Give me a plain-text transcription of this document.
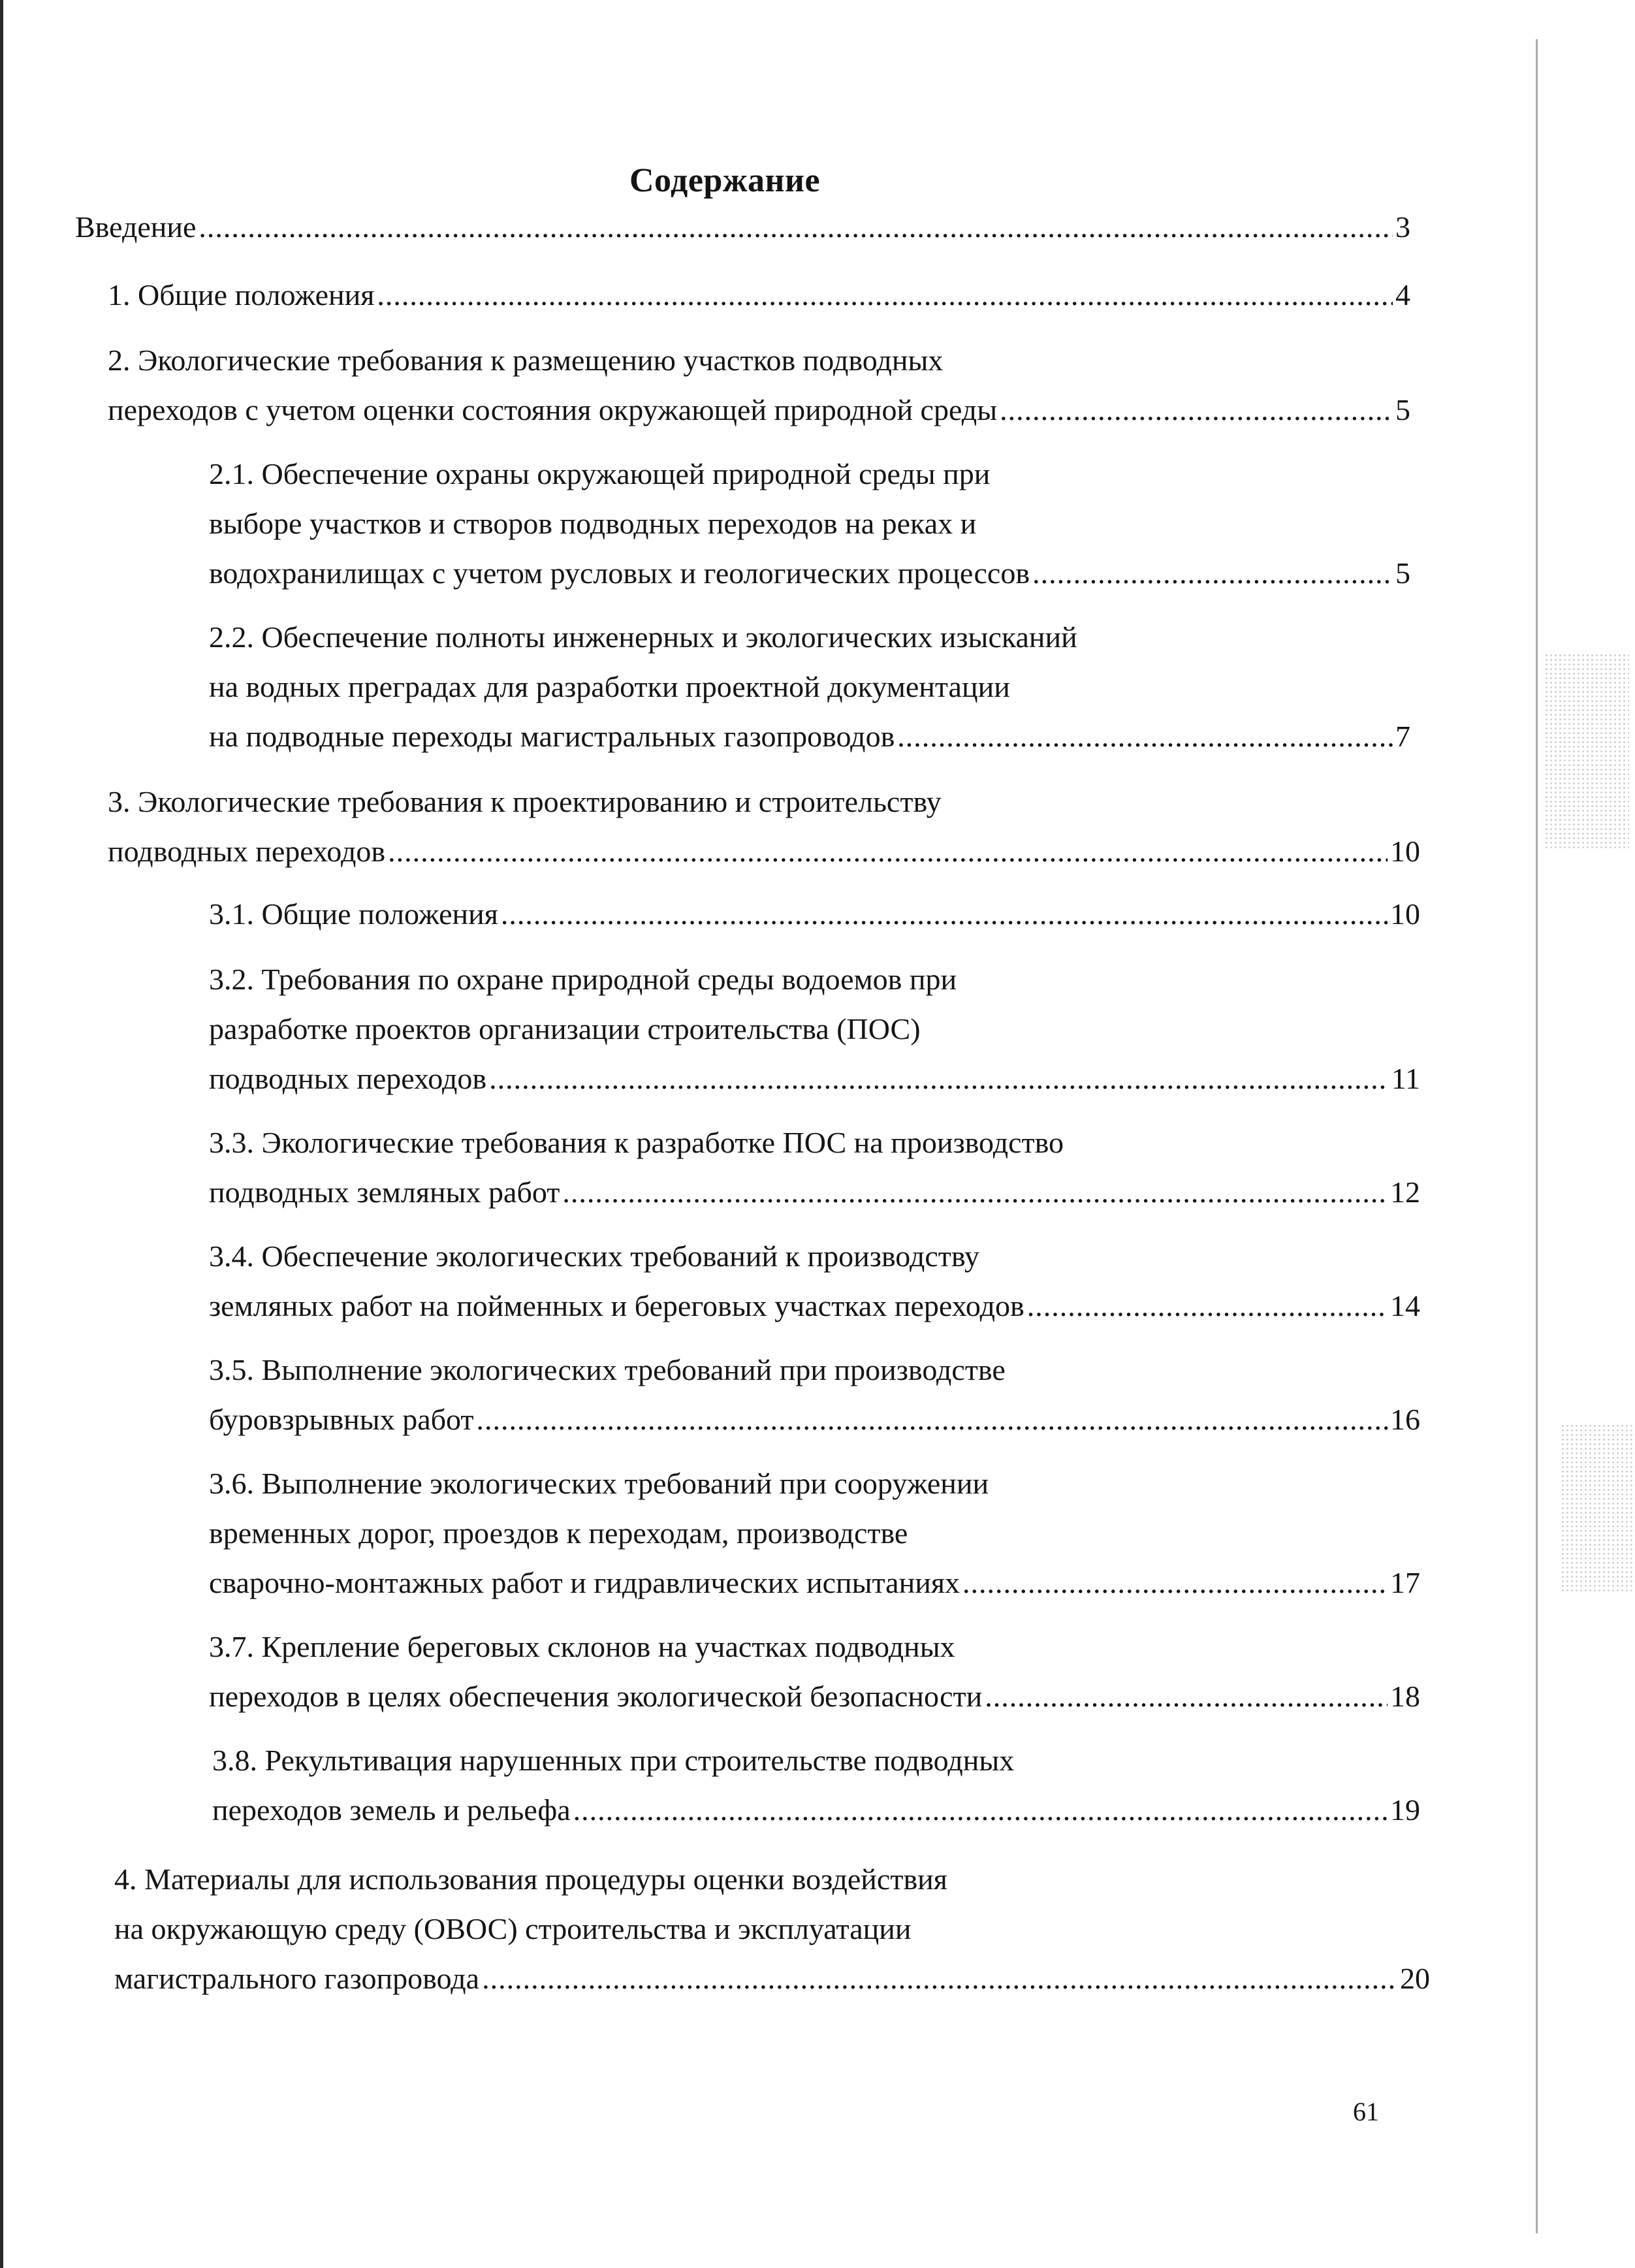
Содержание
Введение .....	3
1. Общие положения .....	4
2. Экологические требования к размещению участков подводных
переходов с учетом оценки состояния окружающей природной среды .....	5
2.1. Обеспечение охраны окружающей природной среды при
выборе участков и створов подводных переходов на реках и
водохранилищах с учетом русловых и геологических процессов .....	5
2.2. Обеспечение полноты инженерных и экологических изысканий
на водных преградах для разработки проектной документации
на подводные переходы магистральных газопроводов .....	7
3. Экологические требования к проектированию и строительству
подводных переходов .....	10
3.1. Общие положения .....	10
3.2. Требования по охране природной среды водоемов при
разработке проектов организации строительства (ПОС)
подводных переходов .....	11
3.3. Экологические требования к разработке ПОС на производство
подводных земляных работ .....	12
3.4. Обеспечение экологических требований к производству
земляных работ на пойменных и береговых участках переходов .....	14
3.5. Выполнение экологических требований при производстве
буровзрывных работ .....	16
3.6. Выполнение экологических требований при сооружении
временных дорог, проездов к переходам, производстве
сварочно-монтажных работ и гидравлических испытаниях .....	17
3.7. Крепление береговых склонов на участках подводных
переходов в целях обеспечения экологической безопасности .....	18
3.8. Рекультивация нарушенных при строительстве подводных
переходов земель и рельефа .....	19
4. Материалы для использования процедуры оценки воздействия
на окружающую среду (ОВОС) строительства и эксплуатации
магистрального газопровода .....	20
61
